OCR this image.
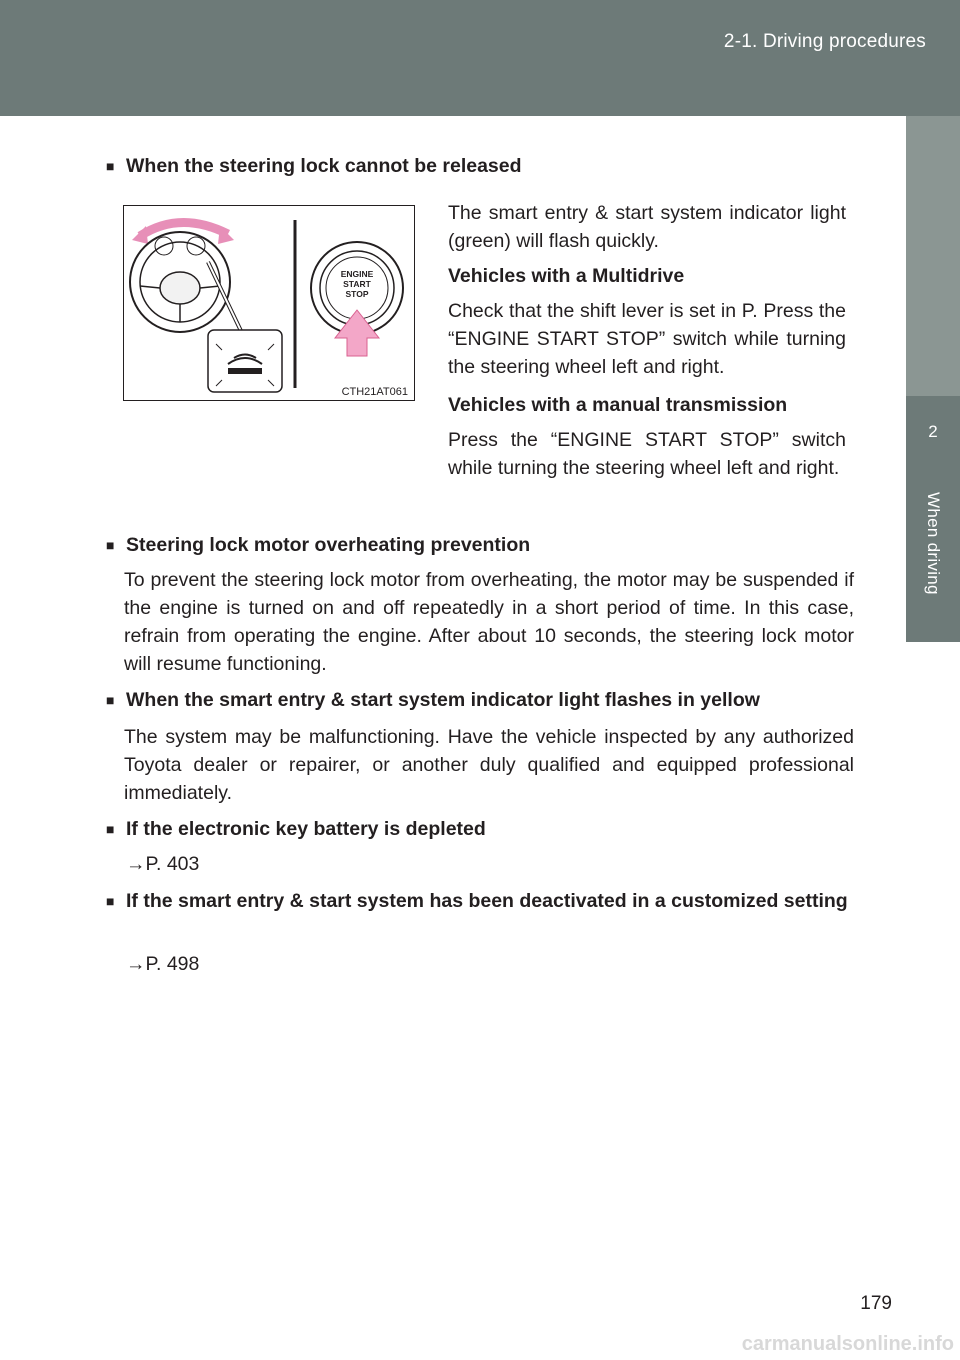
2-1. Driving procedures
2
When driving
■ When the steering lock cannot be released
ENGINE
START
STOP
CTH21AT061
The smart entry & start system indicator light (green) will flash quickly.
Vehicles with a Multidrive
Check that the shift lever is set in P. Press the “ENGINE START STOP” switch while turning the steering wheel left and right.
Vehicles with a manual transmission
Press the “ENGINE START STOP” switch while turning the steering wheel left and right.
■ Steering lock motor overheating prevention
To prevent the steering lock motor from overheating, the motor may be suspended if the engine is turned on and off repeatedly in a short period of time. In this case, refrain from operating the engine. After about 10 seconds, the steering lock motor will resume functioning.
■ When the smart entry & start system indicator light flashes in yellow
The system may be malfunctioning. Have the vehicle inspected by any authorized Toyota dealer or repairer, or another duly qualified and equipped professional immediately.
■ If the electronic key battery is depleted
→P. 403
■ If the smart entry & start system has been deactivated in a customized setting
→P. 498
179
carmanualsonline.info
